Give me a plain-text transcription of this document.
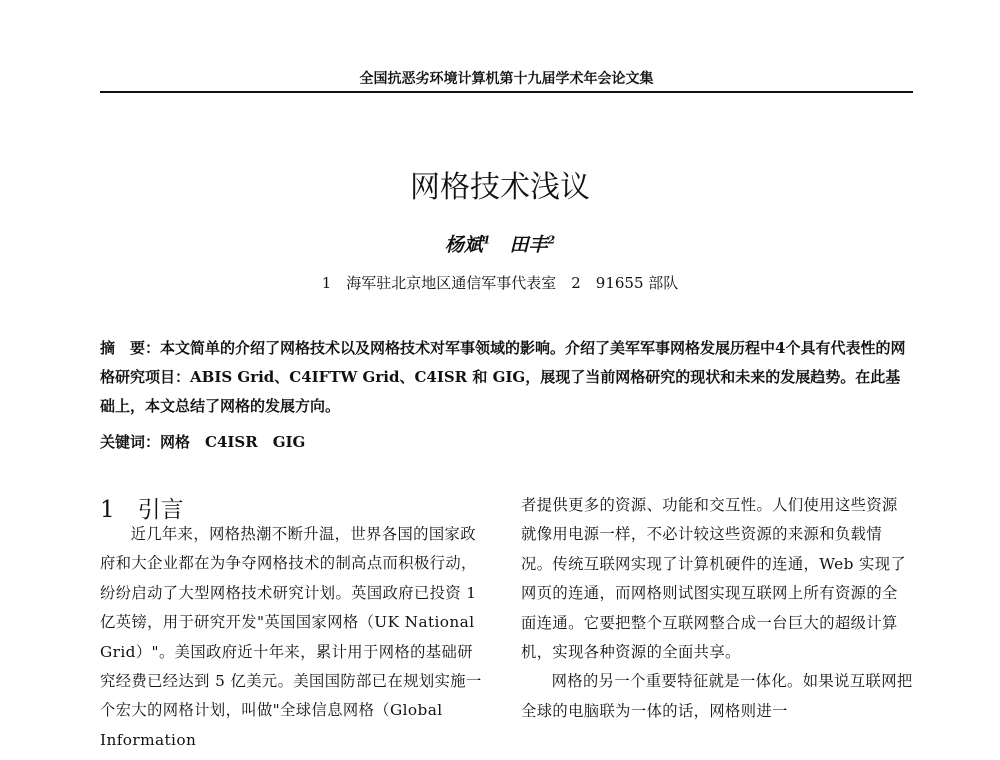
全国抗恶劣环境计算机第十九届学术年会论文集
网格技术浅议
杨斌$^1$  田丰$^2$
1　海军驻北京地区通信军事代表室　2　91655 部队
摘　要：本文简单的介绍了网格技术以及网格技术对军事领域的影响。介绍了美军军事网格发展历程中4个具有代表性的网格研究项目：ABIS Grid、C4IFTW Grid、C4ISR 和 GIG，展现了当前网格研究的现状和未来的发展趋势。在此基础上，本文总结了网格的发展方向。
关键词：网格　C4ISR　GIG
1　引言

近几年来，网格热潮不断升温，世界各国的国家政府和大企业都在为争夺网格技术的制高点而积极行动，纷纷启动了大型网格技术研究计划。英国政府已投资 1 亿英镑，用于研究开发"英国国家网格（UK National Grid）"。美国政府近十年来，累计用于网格的基础研究经费已经达到 5 亿美元。美国国防部已在规划实施一个宏大的网格计划，叫做"全球信息网格（Global Information

者提供更多的资源、功能和交互性。人们使用这些资源就像用电源一样，不必计较这些资源的来源和负载情况。传统互联网实现了计算机硬件的连通，Web 实现了网页的连通，而网格则试图实现互联网上所有资源的全面连通。它要把整个互联网整合成一台巨大的超级计算机，实现各种资源的全面共享。

网格的另一个重要特征就是一体化。如果说互联网把全球的电脑联为一体的话，网格则进一
